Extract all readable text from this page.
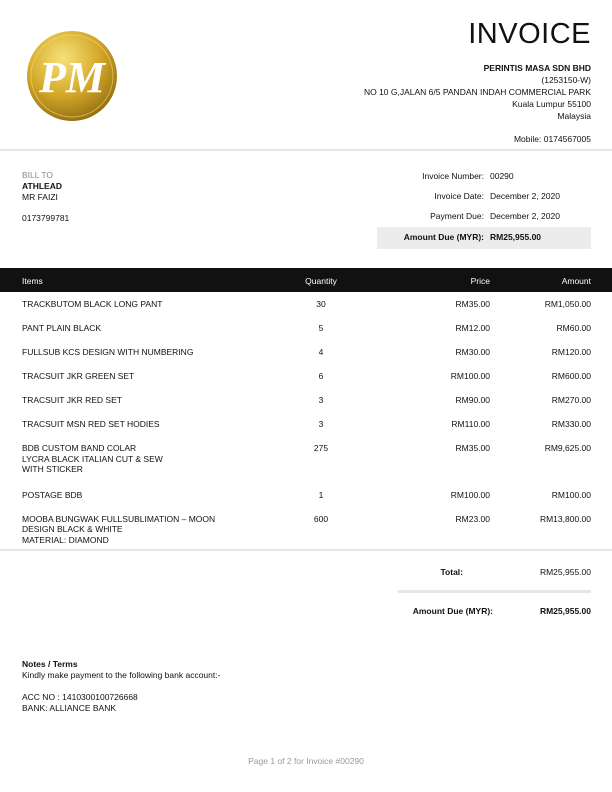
PM
INVOICE
PERINTIS MASA SDN BHD
(1253150-W)
NO 10 G,JALAN 6/5 PANDAN INDAH COMMERCIAL PARK
Kuala Lumpur 55100
Malaysia
Mobile: 0174567005
BILL TO
ATHLEAD
MR FAIZI
0173799781
Invoice Number: 00290
Invoice Date: December 2, 2020
Payment Due: December 2, 2020
Amount Due (MYR): RM25,955.00
Items	Quantity	Price	Amount
TRACKBUTOM BLACK LONG PANT	30	RM35.00	RM1,050.00
PANT PLAIN BLACK	5	RM12.00	RM60.00
FULLSUB KCS DESIGN WITH NUMBERING	4	RM30.00	RM120.00
TRACSUIT JKR GREEN SET	6	RM100.00	RM600.00
TRACSUIT JKR RED SET	3	RM90.00	RM270.00
TRACSUIT MSN RED SET HODIES	3	RM110.00	RM330.00
BDB CUSTOM BAND COLAR
LYCRA BLACK ITALIAN CUT & SEW
WITH STICKER
275	RM35.00	RM9,625.00
POSTAGE BDB	1	RM100.00	RM100.00
MOOBA BUNGWAK FULLSUBLIMATION – MOON
DESIGN BLACK & WHITE
MATERIAL: DIAMOND
600	RM23.00	RM13,800.00
Total:	RM25,955.00
Amount Due (MYR):	RM25,955.00
Notes / Terms
Kindly make payment to the following bank account:-
ACC NO : 1410300100726668
BANK: ALLIANCE BANK
Page 1 of 2 for Invoice #00290
